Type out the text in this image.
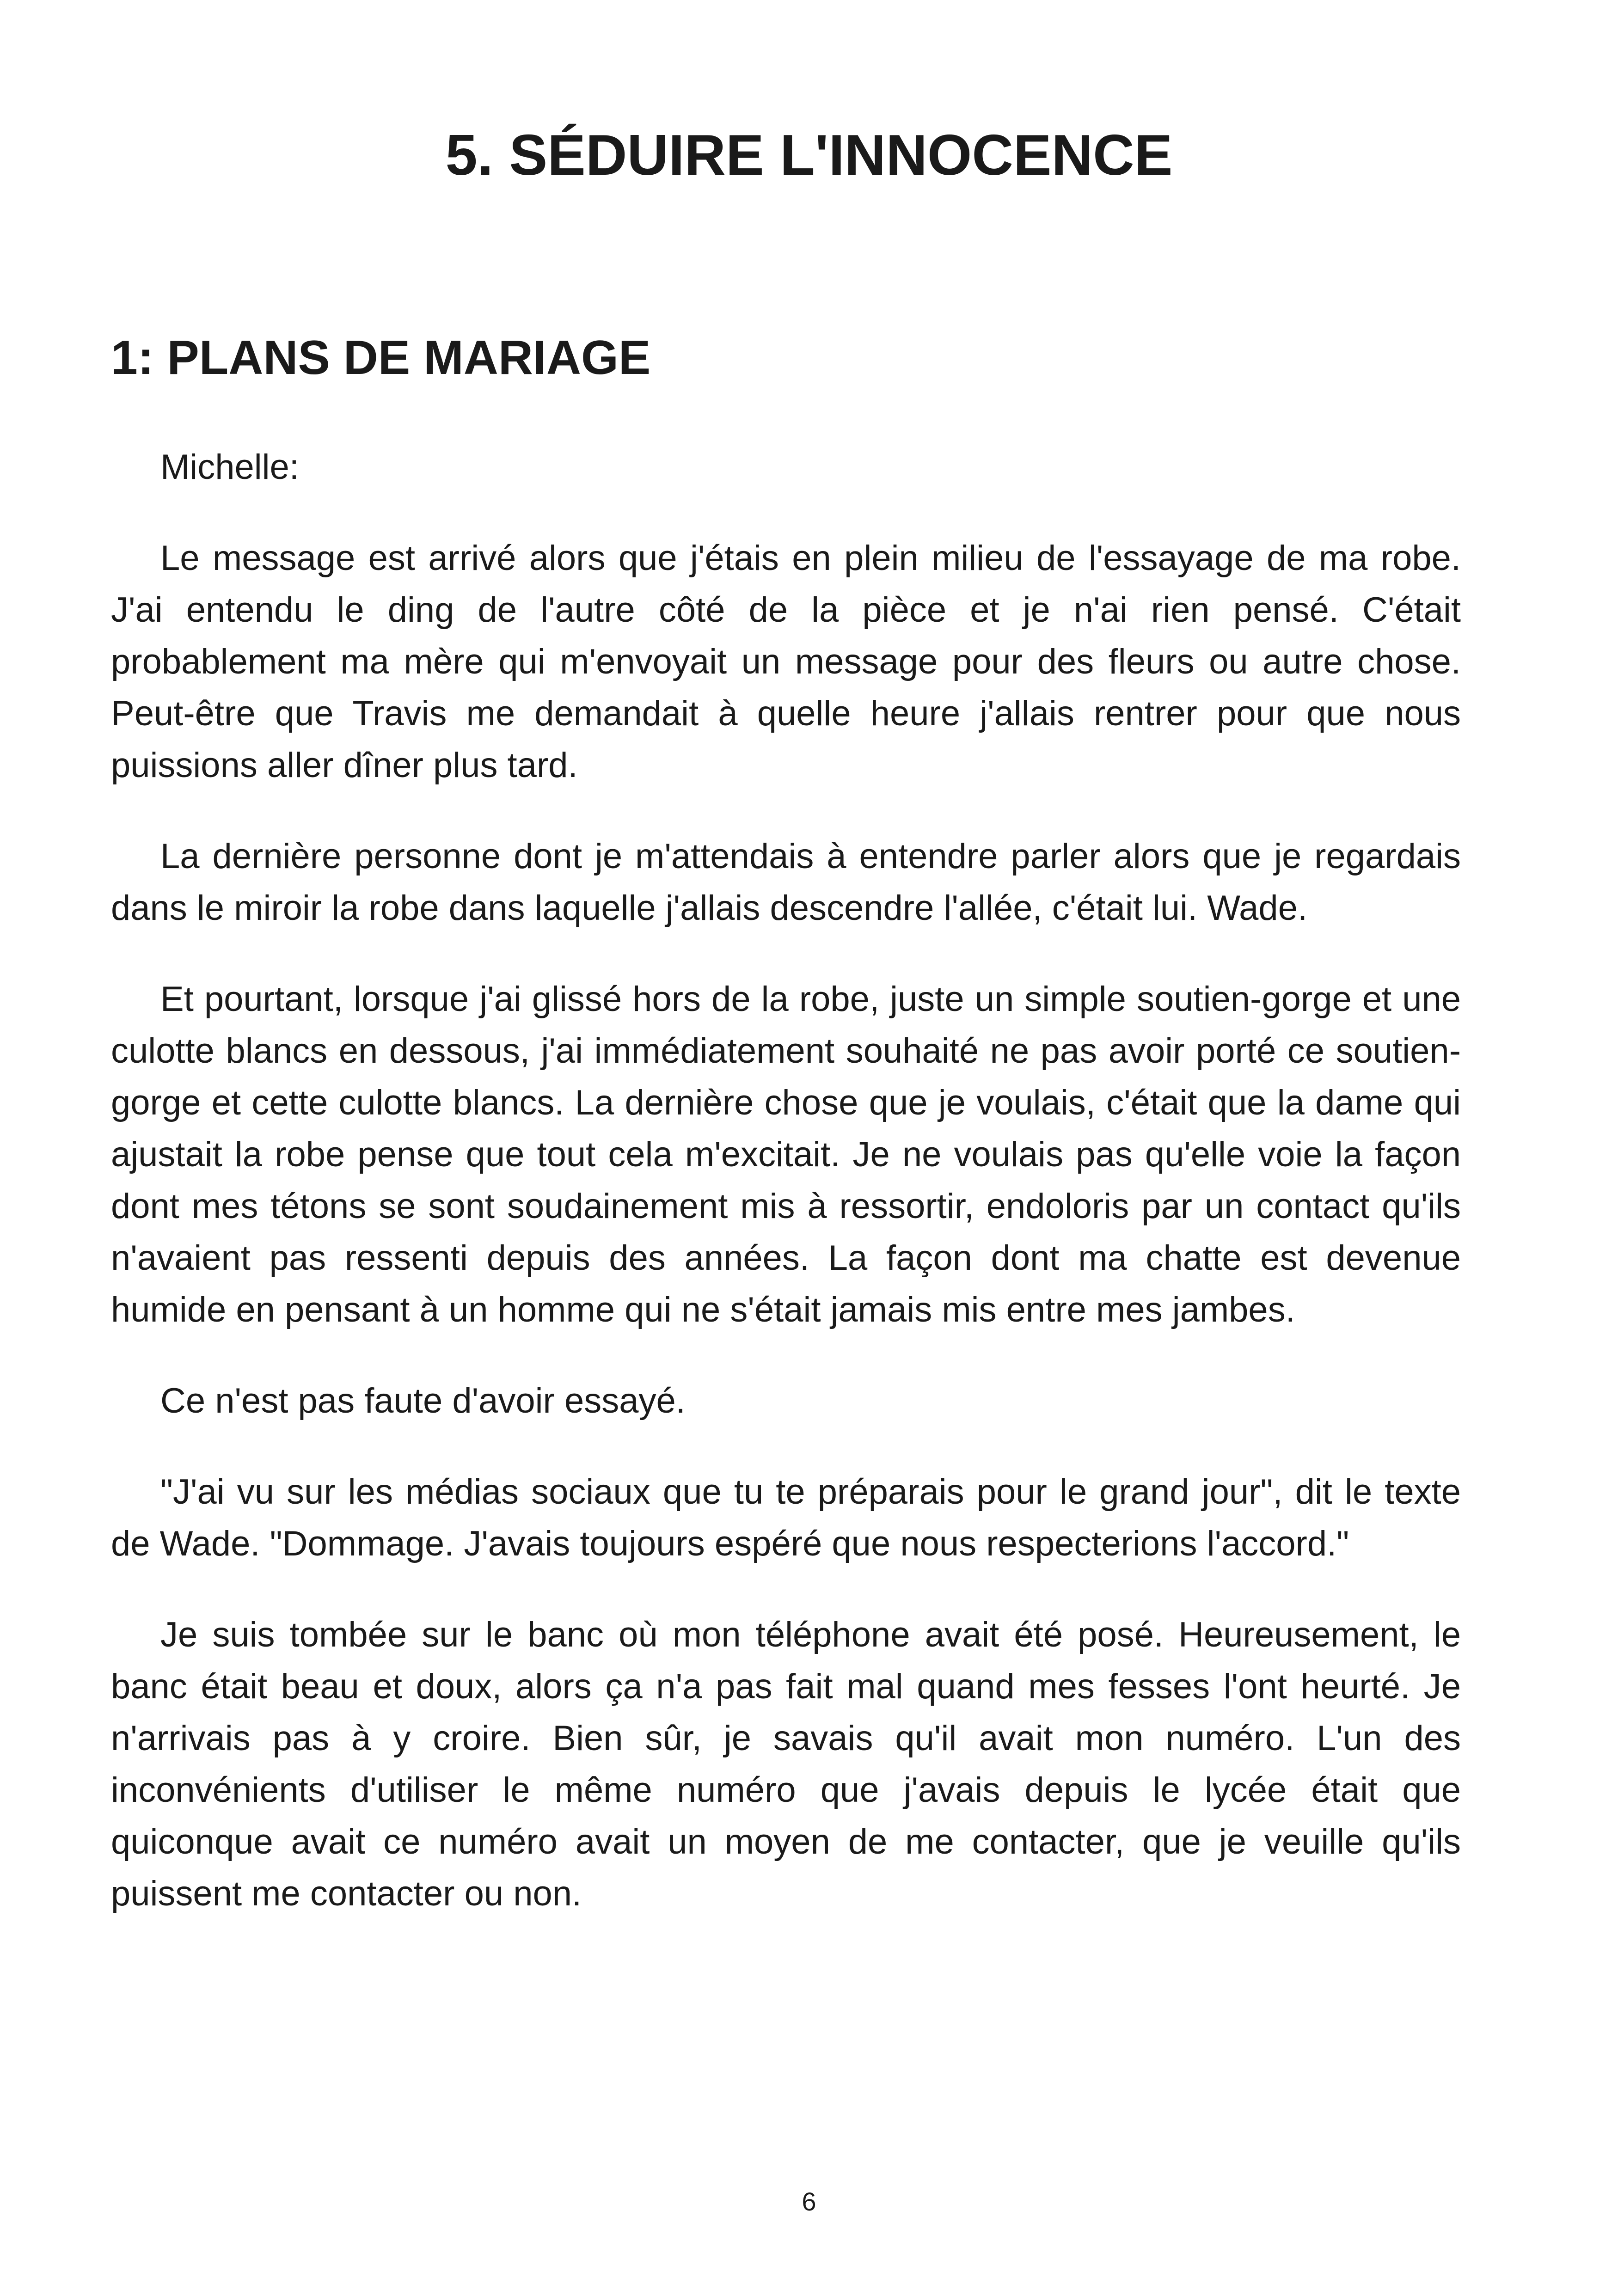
5. SÉDUIRE L'INNOCENCE
1: PLANS DE MARIAGE

Michelle:

Le message est arrivé alors que j'étais en plein milieu de l'essayage de ma robe. J'ai entendu le ding de l'autre côté de la pièce et je n'ai rien pensé. C'était probablement ma mère qui m'envoyait un message pour des fleurs ou autre chose. Peut-être que Travis me demandait à quelle heure j'allais rentrer pour que nous puissions aller dîner plus tard.

La dernière personne dont je m'attendais à entendre parler alors que je regardais dans le miroir la robe dans laquelle j'allais descendre l'allée, c'était lui. Wade.

Et pourtant, lorsque j'ai glissé hors de la robe, juste un simple soutien-gorge et une culotte blancs en dessous, j'ai immédiatement souhaité ne pas avoir porté ce soutien-gorge et cette culotte blancs. La dernière chose que je voulais, c'était que la dame qui ajustait la robe pense que tout cela m'excitait. Je ne voulais pas qu'elle voie la façon dont mes tétons se sont soudainement mis à ressortir, endoloris par un contact qu'ils n'avaient pas ressenti depuis des années. La façon dont ma chatte est devenue humide en pensant à un homme qui ne s'était jamais mis entre mes jambes.

Ce n'est pas faute d'avoir essayé.

"J'ai vu sur les médias sociaux que tu te préparais pour le grand jour", dit le texte de Wade. "Dommage. J'avais toujours espéré que nous respecterions l'accord."

Je suis tombée sur le banc où mon téléphone avait été posé. Heureusement, le banc était beau et doux, alors ça n'a pas fait mal quand mes fesses l'ont heurté. Je n'arrivais pas à y croire. Bien sûr, je savais qu'il avait mon numéro. L'un des inconvénients d'utiliser le même numéro que j'avais depuis le lycée était que quiconque avait ce numéro avait un moyen de me contacter, que je veuille qu'ils puissent me contacter ou non.

6
